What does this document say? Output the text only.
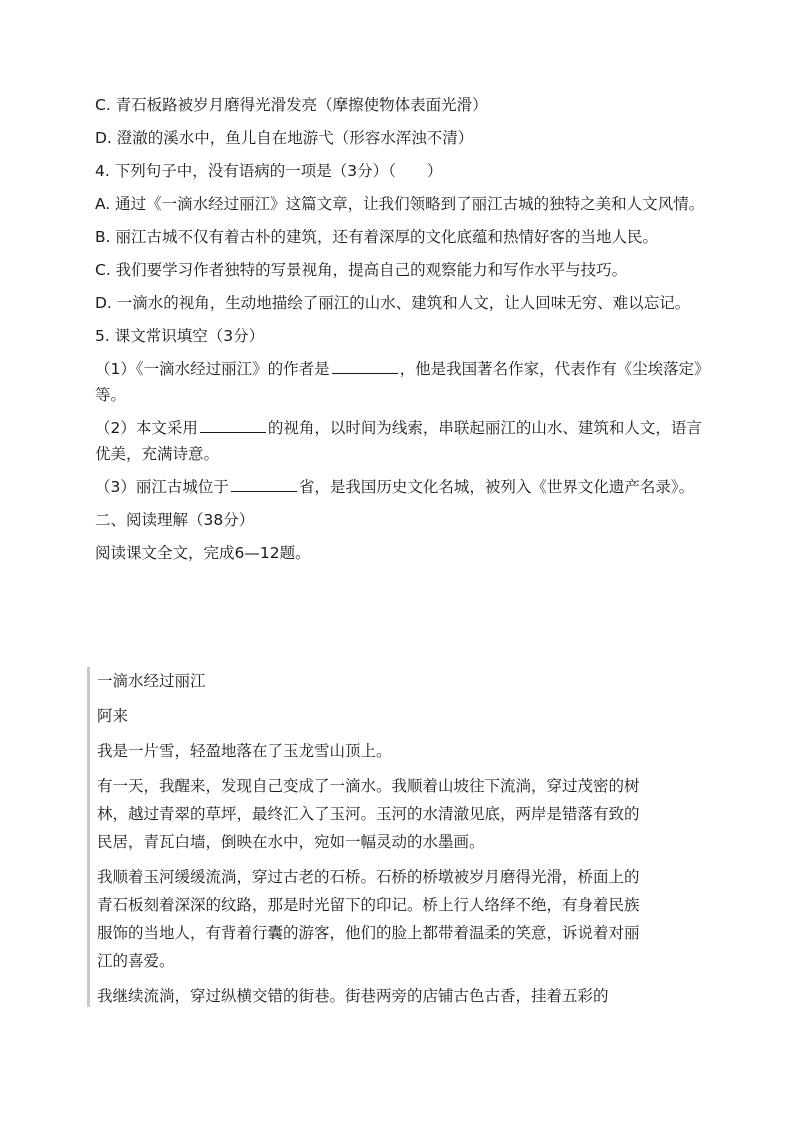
C. 青石板路被岁月磨得光滑发亮（摩擦使物体表面光滑）

D. 澄澈的溪水中，鱼儿自在地游弋（形容水浑浊不清）

4. 下列句子中，没有语病的一项是（3分）（　　）

A. 通过《一滴水经过丽江》这篇文章，让我们领略到了丽江古城的独特之美和人文风情。

B. 丽江古城不仅有着古朴的建筑，还有着深厚的文化底蕴和热情好客的当地人民。

C. 我们要学习作者独特的写景视角，提高自己的观察能力和写作水平与技巧。

D. 一滴水的视角，生动地描绘了丽江的山水、建筑和人文，让人回味无穷、难以忘记。

5. 课文常识填空（3分）

（1）《一滴水经过丽江》的作者是	，他是我国著名作家，代表作有《尘埃落定》等。

（2）本文采用	的视角，以时间为线索，串联起丽江的山水、建筑和人文，语言优美，充满诗意。

（3）丽江古城位于	省，是我国历史文化名城，被列入《世界文化遗产名录》。

二、阅读理解（38分）

阅读课文全文，完成6—12题。

一滴水经过丽江

阿来

我是一片雪，轻盈地落在了玉龙雪山顶上。

有一天，我醒来，发现自己变成了一滴水。我顺着山坡往下流淌，穿过茂密的树林，越过青翠的草坪，最终汇入了玉河。玉河的水清澈见底，两岸是错落有致的民居，青瓦白墙，倒映在水中，宛如一幅灵动的水墨画。

我顺着玉河缓缓流淌，穿过古老的石桥。石桥的桥墩被岁月磨得光滑，桥面上的青石板刻着深深的纹路，那是时光留下的印记。桥上行人络绎不绝，有身着民族服饰的当地人，有背着行囊的游客，他们的脸上都带着温柔的笑意，诉说着对丽江的喜爱。

我继续流淌，穿过纵横交错的街巷。街巷两旁的店铺古色古香，挂着五彩的
